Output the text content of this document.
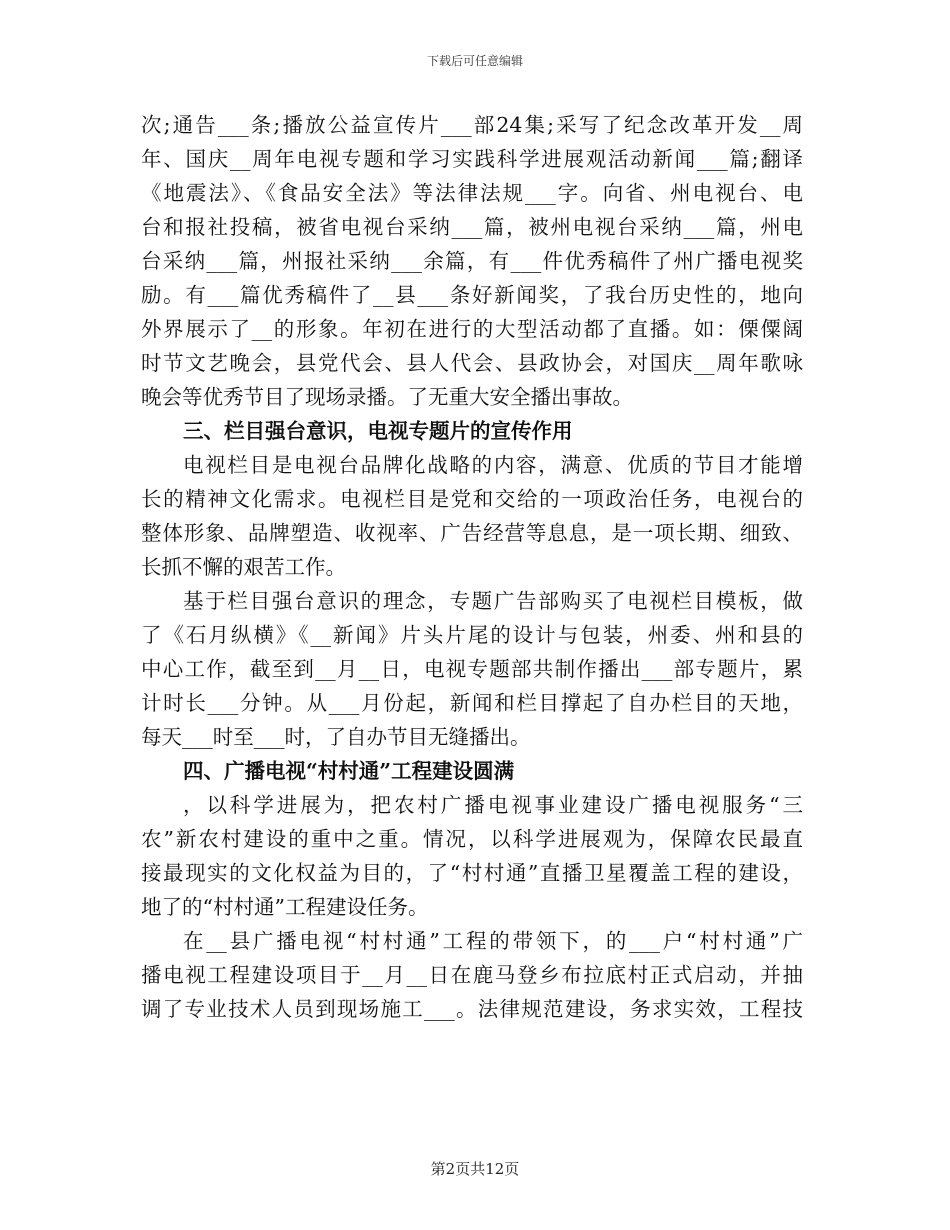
下载后可任意编辑
次;通告___条;播放公益宣传片___部24集;采写了纪念改革开发__周
年、国庆__周年电视专题和学习实践科学进展观活动新闻___篇;翻译
《地震法》、《食品安全法》等法律法规___字。向省、州电视台、电
台和报社投稿，被省电视台采纳___篇，被州电视台采纳___篇，州电
台采纳___篇，州报社采纳___余篇，有___件优秀稿件了州广播电视奖
励。有___篇优秀稿件了__县___条好新闻奖，了我台历史性的，地向
外界展示了__的形象。年初在进行的大型活动都了直播。如：傈僳阔
时节文艺晚会，县党代会、县人代会、县政协会，对国庆__周年歌咏
晚会等优秀节目了现场录播。了无重大安全播出事故。
三、栏目强台意识，电视专题片的宣传作用
电视栏目是电视台品牌化战略的内容，满意、优质的节目才能增
长的精神文化需求。电视栏目是党和交给的一项政治任务，电视台的
整体形象、品牌塑造、收视率、广告经营等息息，是一项长期、细致、
长抓不懈的艰苦工作。
基于栏目强台意识的理念，专题广告部购买了电视栏目模板，做
了《石月纵横》《__新闻》片头片尾的设计与包装，州委、州和县的
中心工作，截至到__月__日，电视专题部共制作播出___部专题片，累
计时长___分钟。从___月份起，新闻和栏目撑起了自办栏目的天地，
每天___时至___时，了自办节目无缝播出。
四、广播电视“村村通”工程建设圆满
，以科学进展为，把农村广播电视事业建设广播电视服务“三
农”新农村建设的重中之重。情况，以科学进展观为，保障农民最直
接最现实的文化权益为目的，了“村村通”直播卫星覆盖工程的建设，
地了的“村村通”工程建设任务。
在__县广播电视“村村通”工程的带领下，的___户“村村通”广
播电视工程建设项目于__月__日在鹿马登乡布拉底村正式启动，并抽
调了专业技术人员到现场施工___。法律规范建设，务求实效，工程技
第2页共12页
